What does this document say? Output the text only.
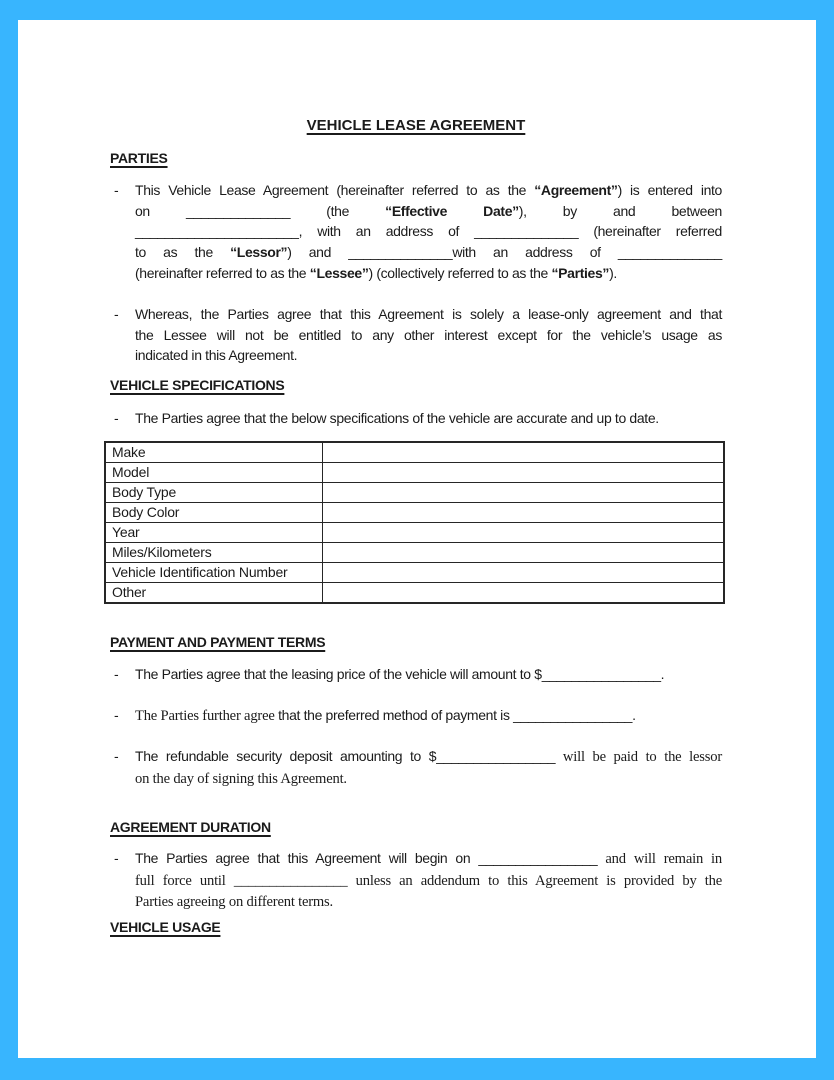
VEHICLE LEASE AGREEMENT
PARTIES
- This Vehicle Lease Agreement (hereinafter referred to as the “Agreement”) is entered into
on ______________ (the “Effective Date”), by and between
______________________, with an address of ______________ (hereinafter referred
to as the “Lessor”) and ______________with an address of ______________
(hereinafter referred to as the “Lessee”) (collectively referred to as the “Parties”).
- Whereas, the Parties agree that this Agreement is solely a lease-only agreement and that
the Lessee will not be entitled to any other interest except for the vehicle’s usage as
indicated in this Agreement.
VEHICLE SPECIFICATIONS
- The Parties agree that the below specifications of the vehicle are accurate and up to date.
Make	
Model	
Body Type	
Body Color	
Year	
Miles/Kilometers	
Vehicle Identification Number	
Other	
PAYMENT AND PAYMENT TERMS
- The Parties agree that the leasing price of the vehicle will amount to $________________.
- The Parties further agree that the preferred method of payment is ________________.
- The refundable security deposit amounting to $________________ will be paid to the lessor
on the day of signing this Agreement.
AGREEMENT DURATION
- The Parties agree that this Agreement will begin on ________________ and will remain in
full force until ________________ unless an addendum to this Agreement is provided by the
Parties agreeing on different terms.
VEHICLE USAGE
